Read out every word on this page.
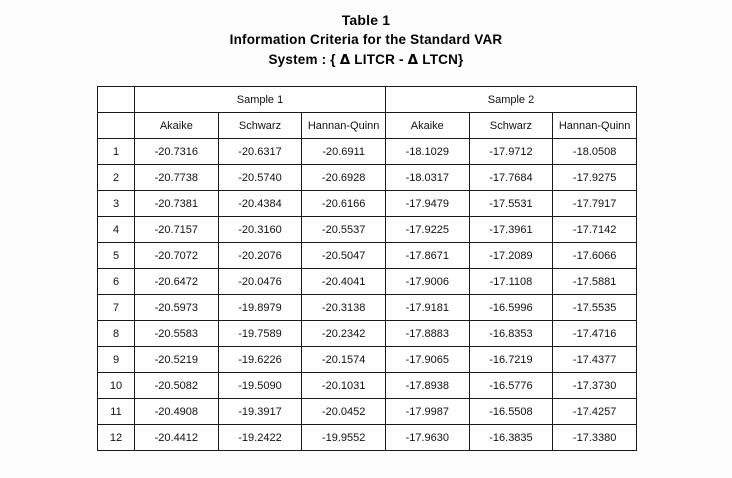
Table 1
Information Criteria for the Standard VAR
System : { Δ LITCR - Δ LTCN}
	Sample 1			Sample 2		
	Akaike	Schwarz	Hannan-Quinn	Akaike	Schwarz	Hannan-Quinn
1	-20.7316	-20.6317	-20.6911	-18.1029	-17.9712	-18.0508
2	-20.7738	-20.5740	-20.6928	-18.0317	-17.7684	-17.9275
3	-20.7381	-20.4384	-20.6166	-17.9479	-17.5531	-17.7917
4	-20.7157	-20.3160	-20.5537	-17.9225	-17.3961	-17.7142
5	-20.7072	-20.2076	-20.5047	-17.8671	-17.2089	-17.6066
6	-20.6472	-20.0476	-20.4041	-17.9006	-17.1108	-17.5881
7	-20.5973	-19.8979	-20.3138	-17.9181	-16.5996	-17.5535
8	-20.5583	-19.7589	-20.2342	-17.8883	-16.8353	-17.4716
9	-20.5219	-19.6226	-20.1574	-17.9065	-16.7219	-17.4377
10	-20.5082	-19.5090	-20.1031	-17.8938	-16.5776	-17.3730
11	-20.4908	-19.3917	-20.0452	-17.9987	-16.5508	-17.4257
12	-20.4412	-19.2422	-19.9552	-17.9630	-16.3835	-17.3380
